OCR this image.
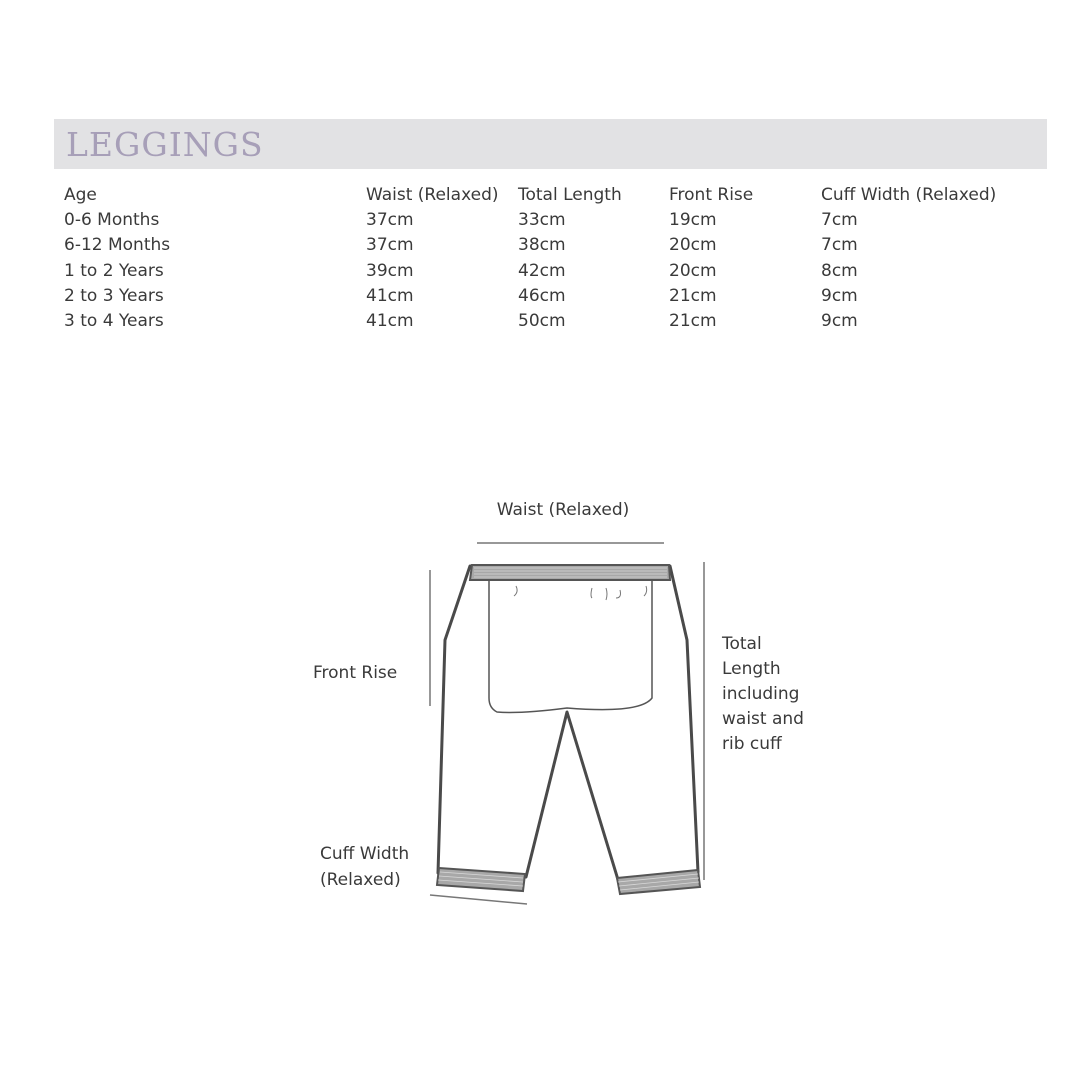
LEGGINGS
Age	Waist (Relaxed)	Total Length	Front Rise	Cuff Width (Relaxed)
0-6 Months	37cm	33cm	19cm	7cm
6-12 Months	37cm	38cm	20cm	7cm
1 to 2 Years	39cm	42cm	20cm	8cm
2 to 3 Years	41cm	46cm	21cm	9cm
3 to 4 Years	41cm	50cm	21cm	9cm
Waist (Relaxed)
Front Rise
Total Length including waist and rib cuff
Cuff Width (Relaxed)
